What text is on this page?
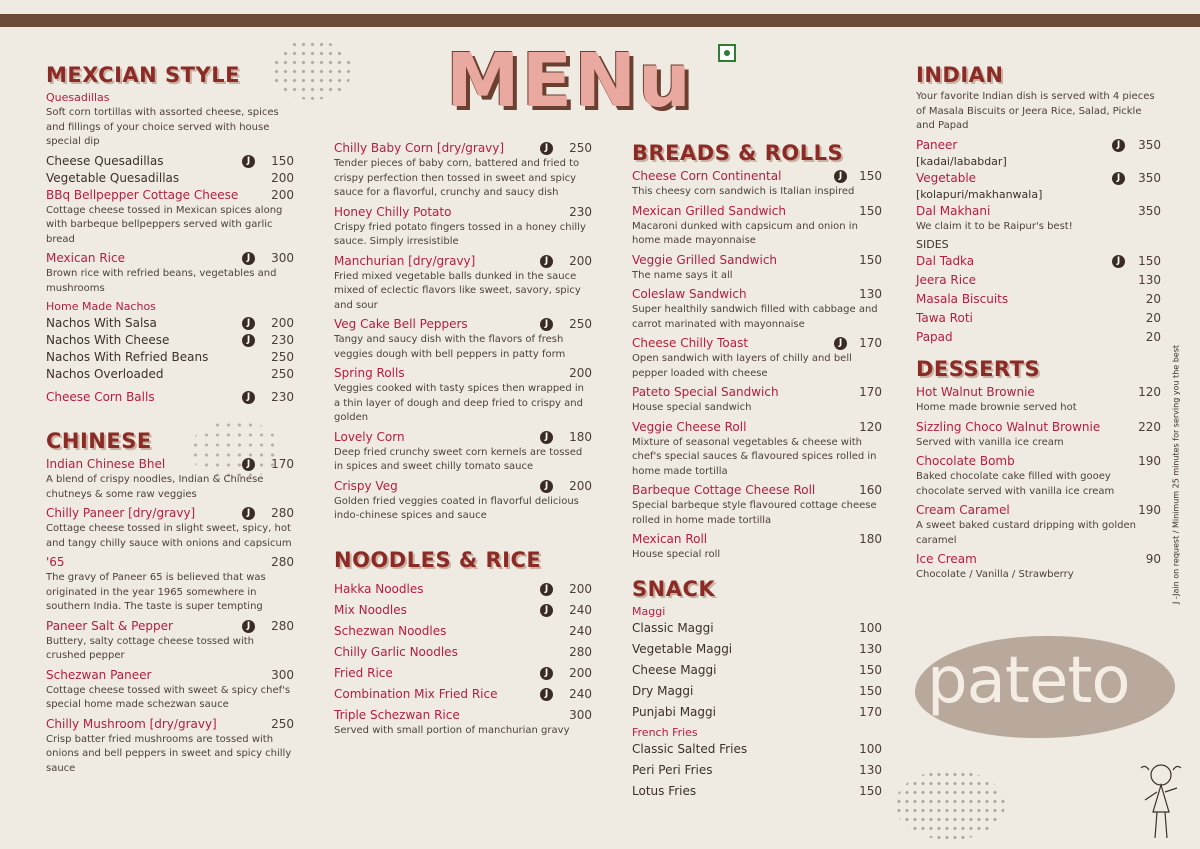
MENu
MEXCIAN STYLE
Quesadillas
Soft corn tortillas with assorted cheese, spices and fillings of your choice served with house special dip
Cheese Quesadillas	J	150
Vegetable Quesadillas	200
BBq Bellpepper Cottage Cheese	200
Cottage cheese tossed in Mexican spices along with barbeque bellpeppers served with garlic bread
Mexican Rice	J	300
Brown rice with refried beans, vegetables and mushrooms
Home Made Nachos
Nachos With Salsa	J	200
Nachos With Cheese	J	230
Nachos With Refried Beans	250
Nachos Overloaded	250
Cheese Corn Balls	J	230
CHINESE
Indian Chinese Bhel	J	170
A blend of crispy noodles, Indian & Chinese chutneys & some raw veggies
Chilly Paneer [dry/gravy]	J	280
Cottage cheese tossed in slight sweet, spicy, hot and tangy chilly sauce with onions and capsicum
'65	280
The gravy of Paneer 65 is believed that was originated in the year 1965 somewhere in southern India. The taste is super tempting
Paneer Salt & Pepper	J	280
Buttery, salty cottage cheese tossed with crushed pepper
Schezwan Paneer	300
Cottage cheese tossed with sweet & spicy chef's special home made schezwan sauce
Chilly Mushroom [dry/gravy]	250
Crisp batter fried mushrooms are tossed with onions and bell peppers in sweet and spicy chilly sauce
Chilly Baby Corn [dry/gravy]	J	250
Tender pieces of baby corn, battered and fried to crispy perfection then tossed in sweet and spicy sauce for a flavorful, crunchy and saucy dish
Honey Chilly Potato	230
Crispy fried potato fingers tossed in a honey chilly sauce. Simply irresistible
Manchurian [dry/gravy]	J	200
Fried mixed vegetable balls dunked in the sauce mixed of eclectic flavors like sweet, savory, spicy and sour
Veg Cake Bell Peppers	J	250
Tangy and saucy dish with the flavors of fresh veggies dough with bell peppers in patty form
Spring Rolls	200
Veggies cooked with tasty spices then wrapped in a thin layer of dough and deep fried to crispy and golden
Lovely Corn	J	180
Deep fried crunchy sweet corn kernels are tossed in spices and sweet chilly tomato sauce
Crispy Veg	J	200
Golden fried veggies coated in flavorful delicious indo-chinese spices and sauce
NOODLES & RICE
Hakka Noodles	J	200
Mix Noodles	J	240
Schezwan Noodles	240
Chilly Garlic Noodles	280
Fried Rice	J	200
Combination Mix Fried Rice	J	240
Triple Schezwan Rice	300
Served with small portion of manchurian gravy
BREADS & ROLLS
Cheese Corn Continental	J	150
This cheesy corn sandwich is Italian inspired
Mexican Grilled Sandwich	150
Macaroni dunked with capsicum and onion in home made mayonnaise
Veggie Grilled Sandwich	150
The name says it all
Coleslaw Sandwich	130
Super healthily sandwich filled with cabbage and carrot marinated with mayonnaise
Cheese Chilly Toast	J	170
Open sandwich with layers of chilly and bell pepper loaded with cheese
Pateto Special Sandwich	170
House special sandwich
Veggie Cheese Roll	120
Mixture of seasonal vegetables & cheese with chef's special sauces & flavoured spices rolled in home made tortilla
Barbeque Cottage Cheese Roll	160
Special barbeque style flavoured cottage cheese rolled in home made tortilla
Mexican Roll	180
House special roll
SNACK
Maggi
Classic Maggi	100
Vegetable Maggi	130
Cheese Maggi	150
Dry Maggi	150
Punjabi Maggi	170
French Fries
Classic Salted Fries	100
Peri Peri Fries	130
Lotus Fries	150
INDIAN
Your favorite Indian dish is served with 4 pieces of Masala Biscuits or Jeera Rice, Salad, Pickle and Papad
Paneer	J	350
[kadai/lababdar]
Vegetable	J	350
[kolapuri/makhanwala]
Dal Makhani	350
We claim it to be Raipur's best!
SIDES
Dal Tadka	J	150
Jeera Rice	130
Masala Biscuits	20
Tawa Roti	20
Papad	20
DESSERTS
Hot Walnut Brownie	120
Home made brownie served hot
Sizzling Choco Walnut Brownie	220
Served with vanilla ice cream
Chocolate Bomb	190
Baked chocolate cake filled with gooey chocolate served with vanilla ice cream
Cream Caramel	190
A sweet baked custard dripping with golden caramel
Ice Cream	90
Chocolate / Vanilla / Strawberry	J -Jain on request / Minimum 25 minutes for serving you the best
pateto
